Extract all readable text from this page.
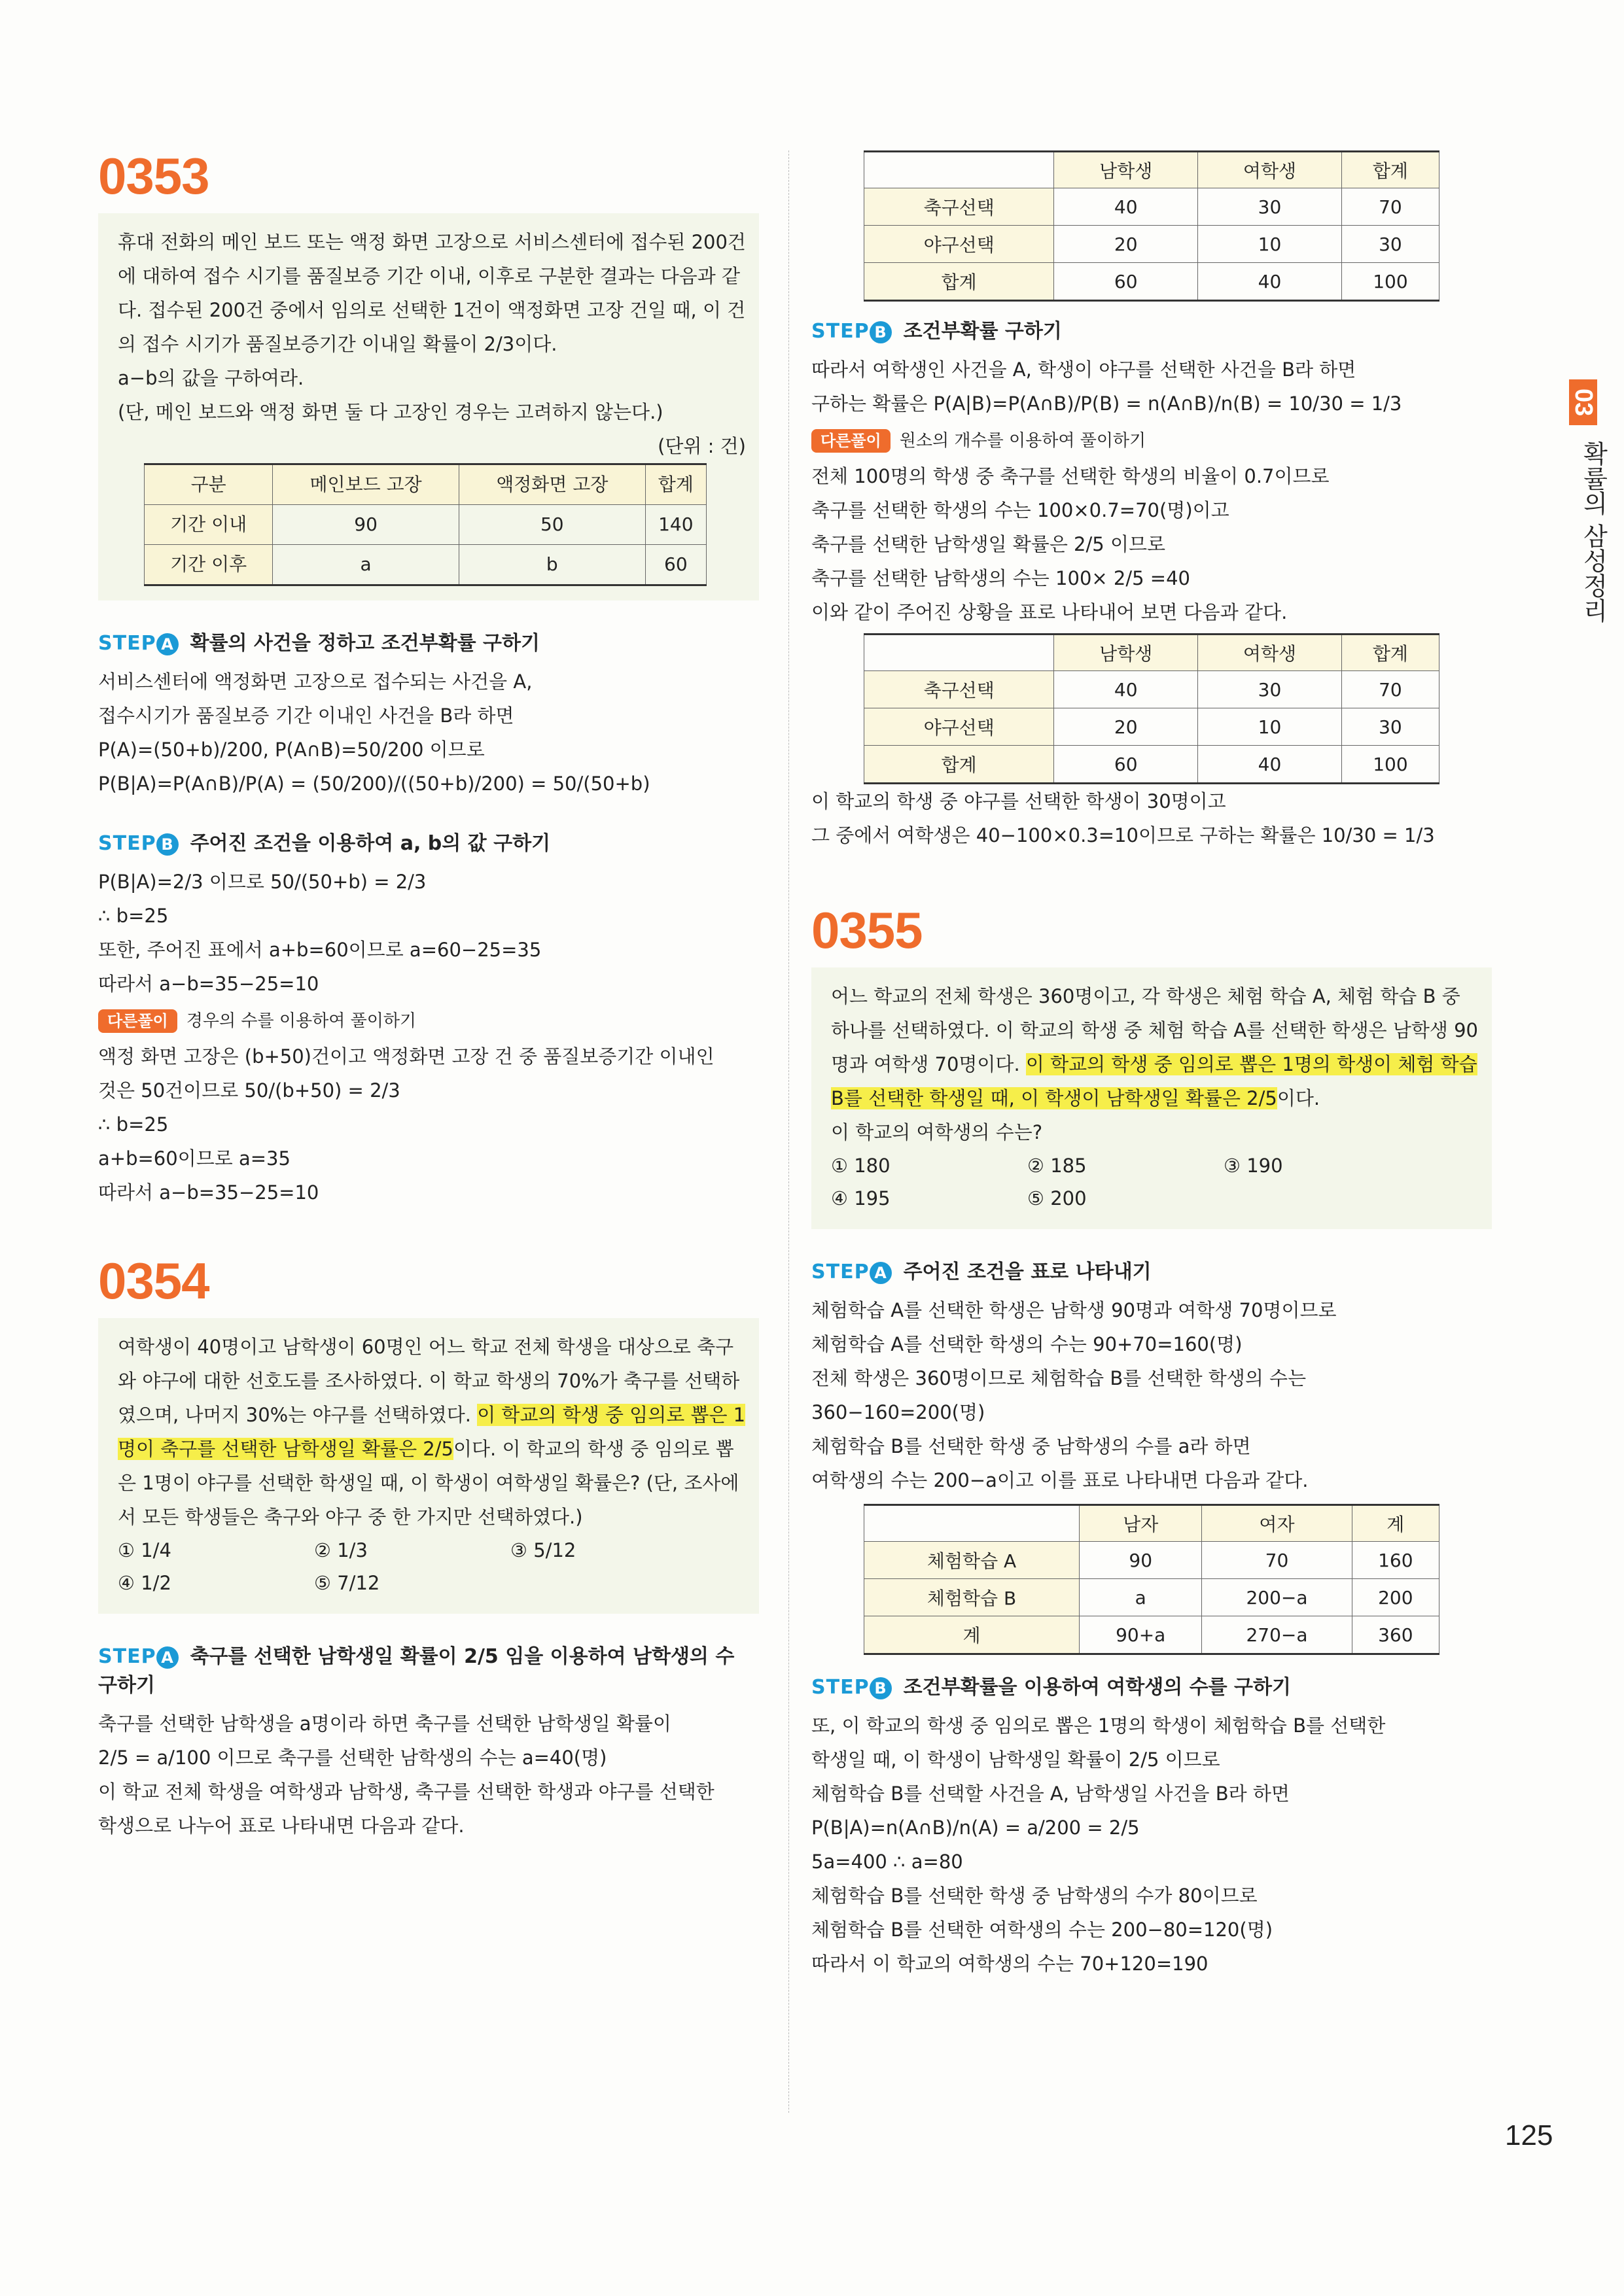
0353

휴대 전화의 메인 보드 또는 액정 화면 고장으로 서비스센터에 접수된 200건에 대하여 접수 시기를 품질보증 기간 이내, 이후로 구분한 결과는 다음과 같다. 접수된 200건 중에서 임의로 선택한 1건이 액정화면 고장 건일 때, 이 건의 접수 시기가 품질보증기간 이내일 확률이 2/3이다.

a−b의 값을 구하여라.

(단, 메인 보드와 액정 화면 둘 다 고장인 경우는 고려하지 않는다.)

(단위 : 건)

구분	메인보드 고장	액정화면 고장	합계
기간 이내	90	50	140
기간 이후	a	b	60
STEP A 확률의 사건을 정하고 조건부확률 구하기

서비스센터에 액정화면 고장으로 접수되는 사건을 A,

접수시기가 품질보증 기간 이내인 사건을 B라 하면

P(A)=(50+b)/200, P(A∩B)=50/200 이므로

P(B|A)=P(A∩B)/P(A) = (50/200)/((50+b)/200) = 50/(50+b)

STEP B 주어진 조건을 이용하여 a, b의 값 구하기

P(B|A)=2/3 이므로 50/(50+b) = 2/3

∴ b=25

또한, 주어진 표에서 a+b=60이므로 a=60−25=35

따라서 a−b=35−25=10

다른풀이 경우의 수를 이용하여 풀이하기

액정 화면 고장은 (b+50)건이고 액정화면 고장 건 중 품질보증기간 이내인

것은 50건이므로 50/(b+50) = 2/3

∴ b=25

a+b=60이므로 a=35

따라서 a−b=35−25=10

0354

여학생이 40명이고 남학생이 60명인 어느 학교 전체 학생을 대상으로 축구와 야구에 대한 선호도를 조사하였다. 이 학교 학생의 70%가 축구를 선택하였으며, 나머지 30%는 야구를 선택하였다. 이 학교의 학생 중 임의로 뽑은 1명이 축구를 선택한 남학생일 확률은 2/5이다. 이 학교의 학생 중 임의로 뽑은 1명이 야구를 선택한 학생일 때, 이 학생이 여학생일 확률은? (단, 조사에서 모든 학생들은 축구와 야구 중 한 가지만 선택하였다.)

① 1/4	② 1/3	③ 5/12
④ 1/2	⑤ 7/12
STEP A 축구를 선택한 남학생일 확률이 2/5 임을 이용하여 남학생의 수 구하기

축구를 선택한 남학생을 a명이라 하면 축구를 선택한 남학생일 확률이

2/5 = a/100 이므로 축구를 선택한 남학생의 수는 a=40(명)

이 학교 전체 학생을 여학생과 남학생, 축구를 선택한 학생과 야구를 선택한

학생으로 나누어 표로 나타내면 다음과 같다.

	남학생	여학생	합계
축구선택	40	30	70
야구선택	20	10	30
합계	60	40	100
STEP B 조건부확률 구하기

따라서 여학생인 사건을 A, 학생이 야구를 선택한 사건을 B라 하면

구하는 확률은 P(A|B)=P(A∩B)/P(B) = n(A∩B)/n(B) = 10/30 = 1/3

다른풀이 원소의 개수를 이용하여 풀이하기

전체 100명의 학생 중 축구를 선택한 학생의 비율이 0.7이므로

축구를 선택한 학생의 수는 100×0.7=70(명)이고

축구를 선택한 남학생일 확률은 2/5 이므로

축구를 선택한 남학생의 수는 100× 2/5 =40

이와 같이 주어진 상황을 표로 나타내어 보면 다음과 같다.

	남학생	여학생	합계
축구선택	40	30	70
야구선택	20	10	30
합계	60	40	100

이 학교의 학생 중 야구를 선택한 학생이 30명이고

그 중에서 여학생은 40−100×0.3=10이므로 구하는 확률은 10/30 = 1/3

0355

어느 학교의 전체 학생은 360명이고, 각 학생은 체험 학습 A, 체험 학습 B 중 하나를 선택하였다. 이 학교의 학생 중 체험 학습 A를 선택한 학생은 남학생 90명과 여학생 70명이다. 이 학교의 학생 중 임의로 뽑은 1명의 학생이 체험 학습 B를 선택한 학생일 때, 이 학생이 남학생일 확률은 2/5이다.

이 학교의 여학생의 수는?

① 180	② 185	③ 190
④ 195	⑤ 200
STEP A 주어진 조건을 표로 나타내기

체험학습 A를 선택한 학생은 남학생 90명과 여학생 70명이므로

체험학습 A를 선택한 학생의 수는 90+70=160(명)

전체 학생은 360명이므로 체험학습 B를 선택한 학생의 수는

360−160=200(명)

체험학습 B를 선택한 학생 중 남학생의 수를 a라 하면

여학생의 수는 200−a이고 이를 표로 나타내면 다음과 같다.

	남자	여자	계
체험학습 A	90	70	160
체험학습 B	a	200−a	200
계	90+a	270−a	360
STEP B 조건부확률을 이용하여 여학생의 수를 구하기

또, 이 학교의 학생 중 임의로 뽑은 1명의 학생이 체험학습 B를 선택한

학생일 때, 이 학생이 남학생일 확률이 2/5 이므로

체험학습 B를 선택할 사건을 A, 남학생일 사건을 B라 하면

P(B|A)=n(A∩B)/n(A) = a/200 = 2/5

5a=400 ∴ a=80

체험학습 B를 선택한 학생 중 남학생의 수가 80이므로

체험학습 B를 선택한 여학생의 수는 200−80=120(명)

따라서 이 학교의 여학생의 수는 70+120=190

03
확률의 삼성정리
125
